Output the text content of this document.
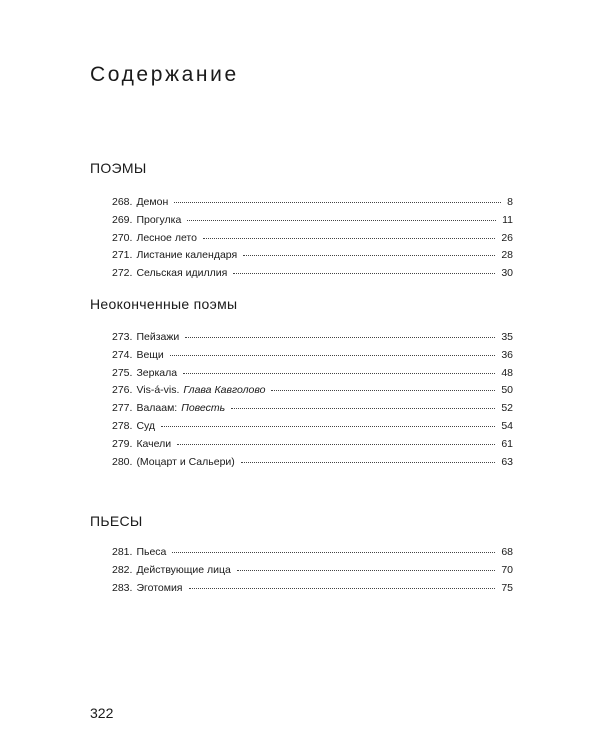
Содержание
ПОЭМЫ
268. Демон	8
269. Прогулка	11
270. Лесное лето	26
271. Листание календаря	28
272. Сельская идиллия	30
Неоконченные поэмы
273. Пейзажи	35
274. Вещи	36
275. Зеркала	48
276. Vis-á-vis. Глава Кавголово	50
277. Валаам: Повесть	52
278. Суд	54
279. Качели	61
280. (Моцарт и Сальери)	63
ПЬЕСЫ
281. Пьеса	68
282. Действующие лица	70
283. Эготомия	75
322
